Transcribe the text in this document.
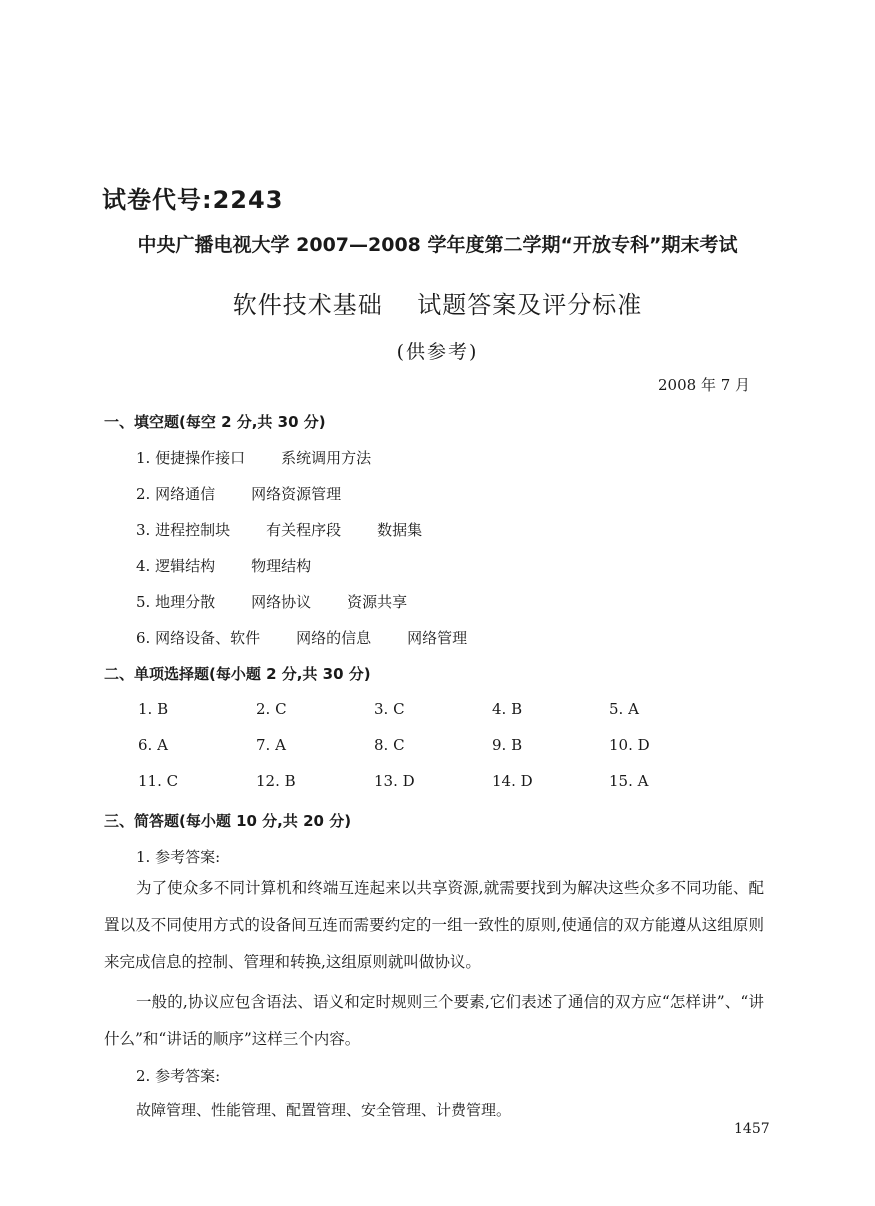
试卷代号:2243
中央广播电视大学 2007—2008 学年度第二学期“开放专科”期末考试
软件技术基础    试题答案及评分标准
(供参考)
2008 年 7 月
一、填空题(每空 2 分,共 30 分)
1. 便捷操作接口 系统调用方法
2. 网络通信 网络资源管理
3. 进程控制块 有关程序段 数据集
4. 逻辑结构 物理结构
5. 地理分散 网络协议 资源共享
6. 网络设备、软件 网络的信息 网络管理
二、单项选择题(每小题 2 分,共 30 分)
1. B	2. C	3. C	4. B	5. A
6. A	7. A	8. C	9. B	10. D
11. C	12. B	13. D	14. D	15. A
三、简答题(每小题 10 分,共 20 分)
1. 参考答案:
为了使众多不同计算机和终端互连起来以共享资源,就需要找到为解决这些众多不同功能、配置以及不同使用方式的设备间互连而需要约定的一组一致性的原则,使通信的双方能遵从这组原则来完成信息的控制、管理和转换,这组原则就叫做协议。
一般的,协议应包含语法、语义和定时规则三个要素,它们表述了通信的双方应“怎样讲”、“讲什么”和“讲话的顺序”这样三个内容。
2. 参考答案:
故障管理、性能管理、配置管理、安全管理、计费管理。
1457
